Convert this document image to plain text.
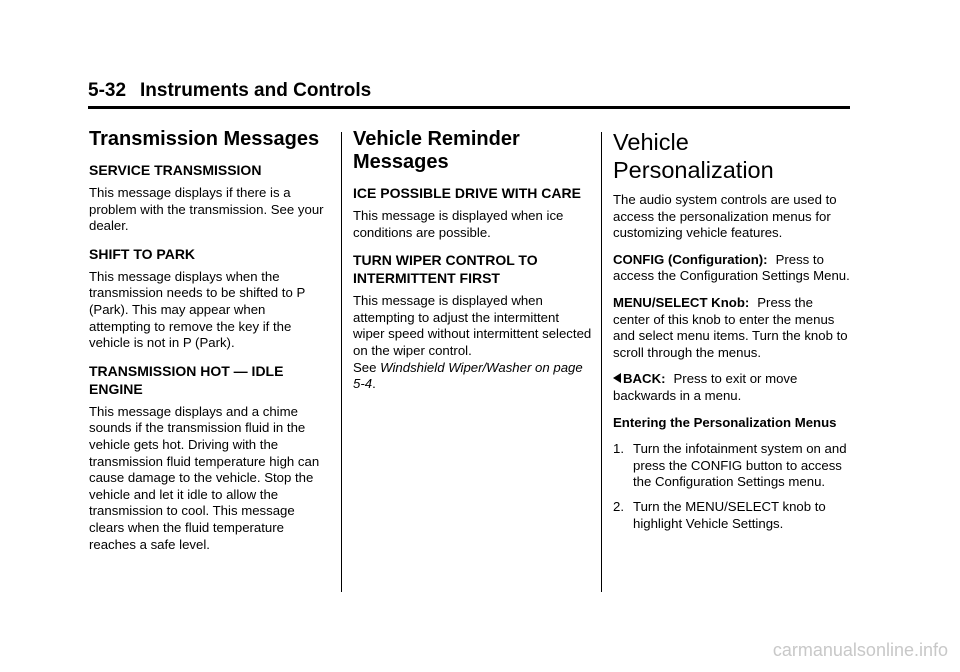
5-32 Instruments and Controls
Transmission Messages
SERVICE TRANSMISSION

This message displays if there is a problem with the transmission. See your dealer.

SHIFT TO PARK

This message displays when the transmission needs to be shifted to P (Park). This may appear when attempting to remove the key if the vehicle is not in P (Park).

TRANSMISSION HOT — IDLE ENGINE

This message displays and a chime sounds if the transmission fluid in the vehicle gets hot. Driving with the transmission fluid temperature high can cause damage to the vehicle. Stop the vehicle and let it idle to allow the transmission to cool. This message clears when the fluid temperature reaches a safe level.

Vehicle Reminder Messages
ICE POSSIBLE DRIVE WITH CARE

This message is displayed when ice conditions are possible.

TURN WIPER CONTROL TO INTERMITTENT FIRST

This message is displayed when attempting to adjust the intermittent wiper speed without intermittent selected on the wiper control.
See Windshield Wiper/Washer on page 5-4.

Vehicle Personalization

The audio system controls are used to access the personalization menus for customizing vehicle features.

CONFIG (Configuration): Press to access the Configuration Settings Menu.

MENU/SELECT Knob: Press the center of this knob to enter the menus and select menu items. Turn the knob to scroll through the menus.

BACK: Press to exit or move backwards in a menu.

Entering the Personalization Menus
1. Turn the infotainment system on and press the CONFIG button to access the Configuration Settings menu.
2. Turn the MENU/SELECT knob to highlight Vehicle Settings.
carmanualsonline.info
